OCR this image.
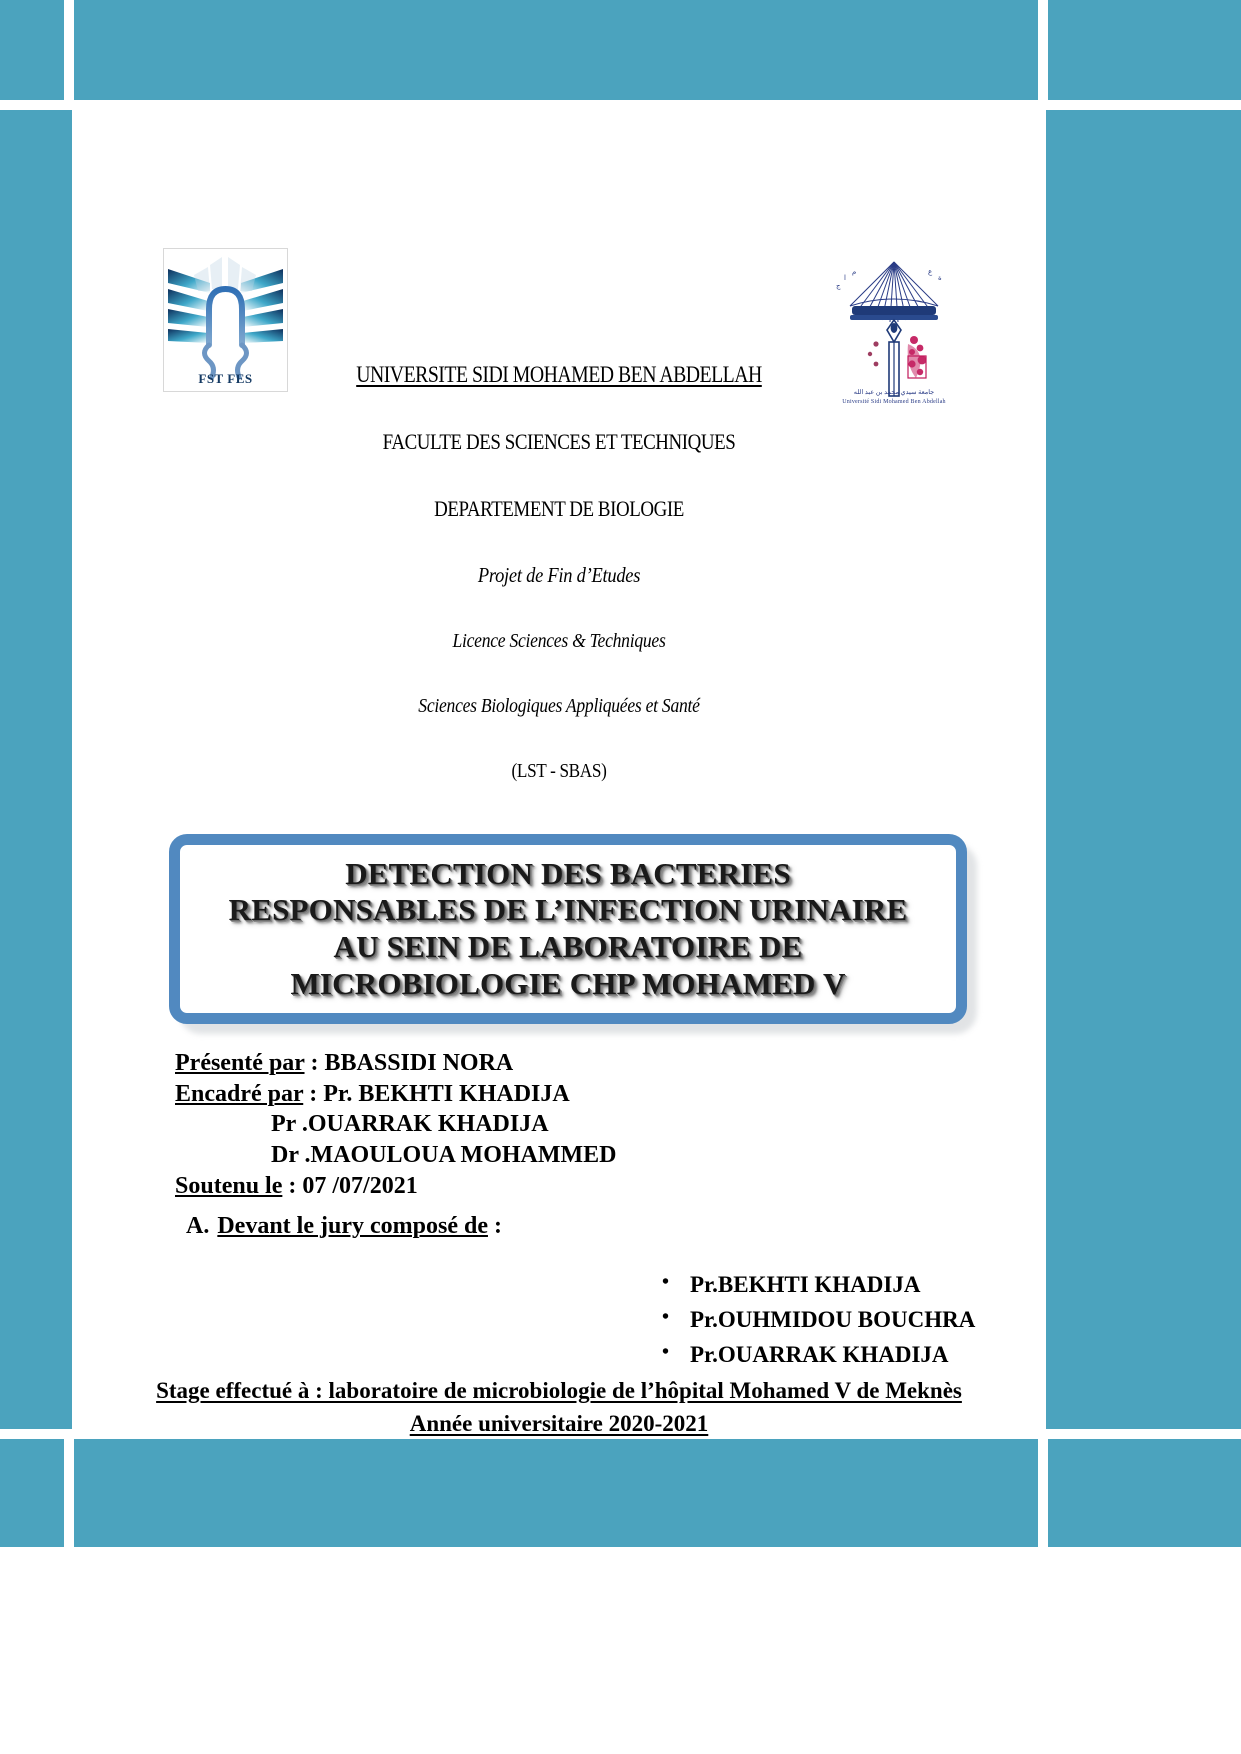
FST FES
ج
ا
م	ع
ة
جامعة سيدي محمد بن عبد الله
Université Sidi Mohamed Ben Abdellah
UNIVERSITE SIDI MOHAMED BEN ABDELLAH
FACULTE DES SCIENCES ET TECHNIQUES
DEPARTEMENT DE BIOLOGIE
Projet de Fin d’Etudes
Licence Sciences & Techniques
Sciences Biologiques Appliquées et Santé
(LST - SBAS)
DETECTION DES BACTERIES
RESPONSABLES DE L’INFECTION URINAIRE
AU SEIN DE LABORATOIRE DE
MICROBIOLOGIE CHP MOHAMED V
Présenté par : BBASSIDI NORA
Encadré par : Pr. BEKHTI KHADIJA
Pr .OUARRAK KHADIJA
Dr .MAOULOUA MOHAMMED
Soutenu le : 07 /07/2021
A. Devant le jury composé de :
• Pr.BEKHTI KHADIJA
• Pr.OUHMIDOU BOUCHRA
• Pr.OUARRAK KHADIJA
Stage effectué à : laboratoire de microbiologie de l’hôpital Mohamed V de Meknès
Année universitaire 2020-2021
